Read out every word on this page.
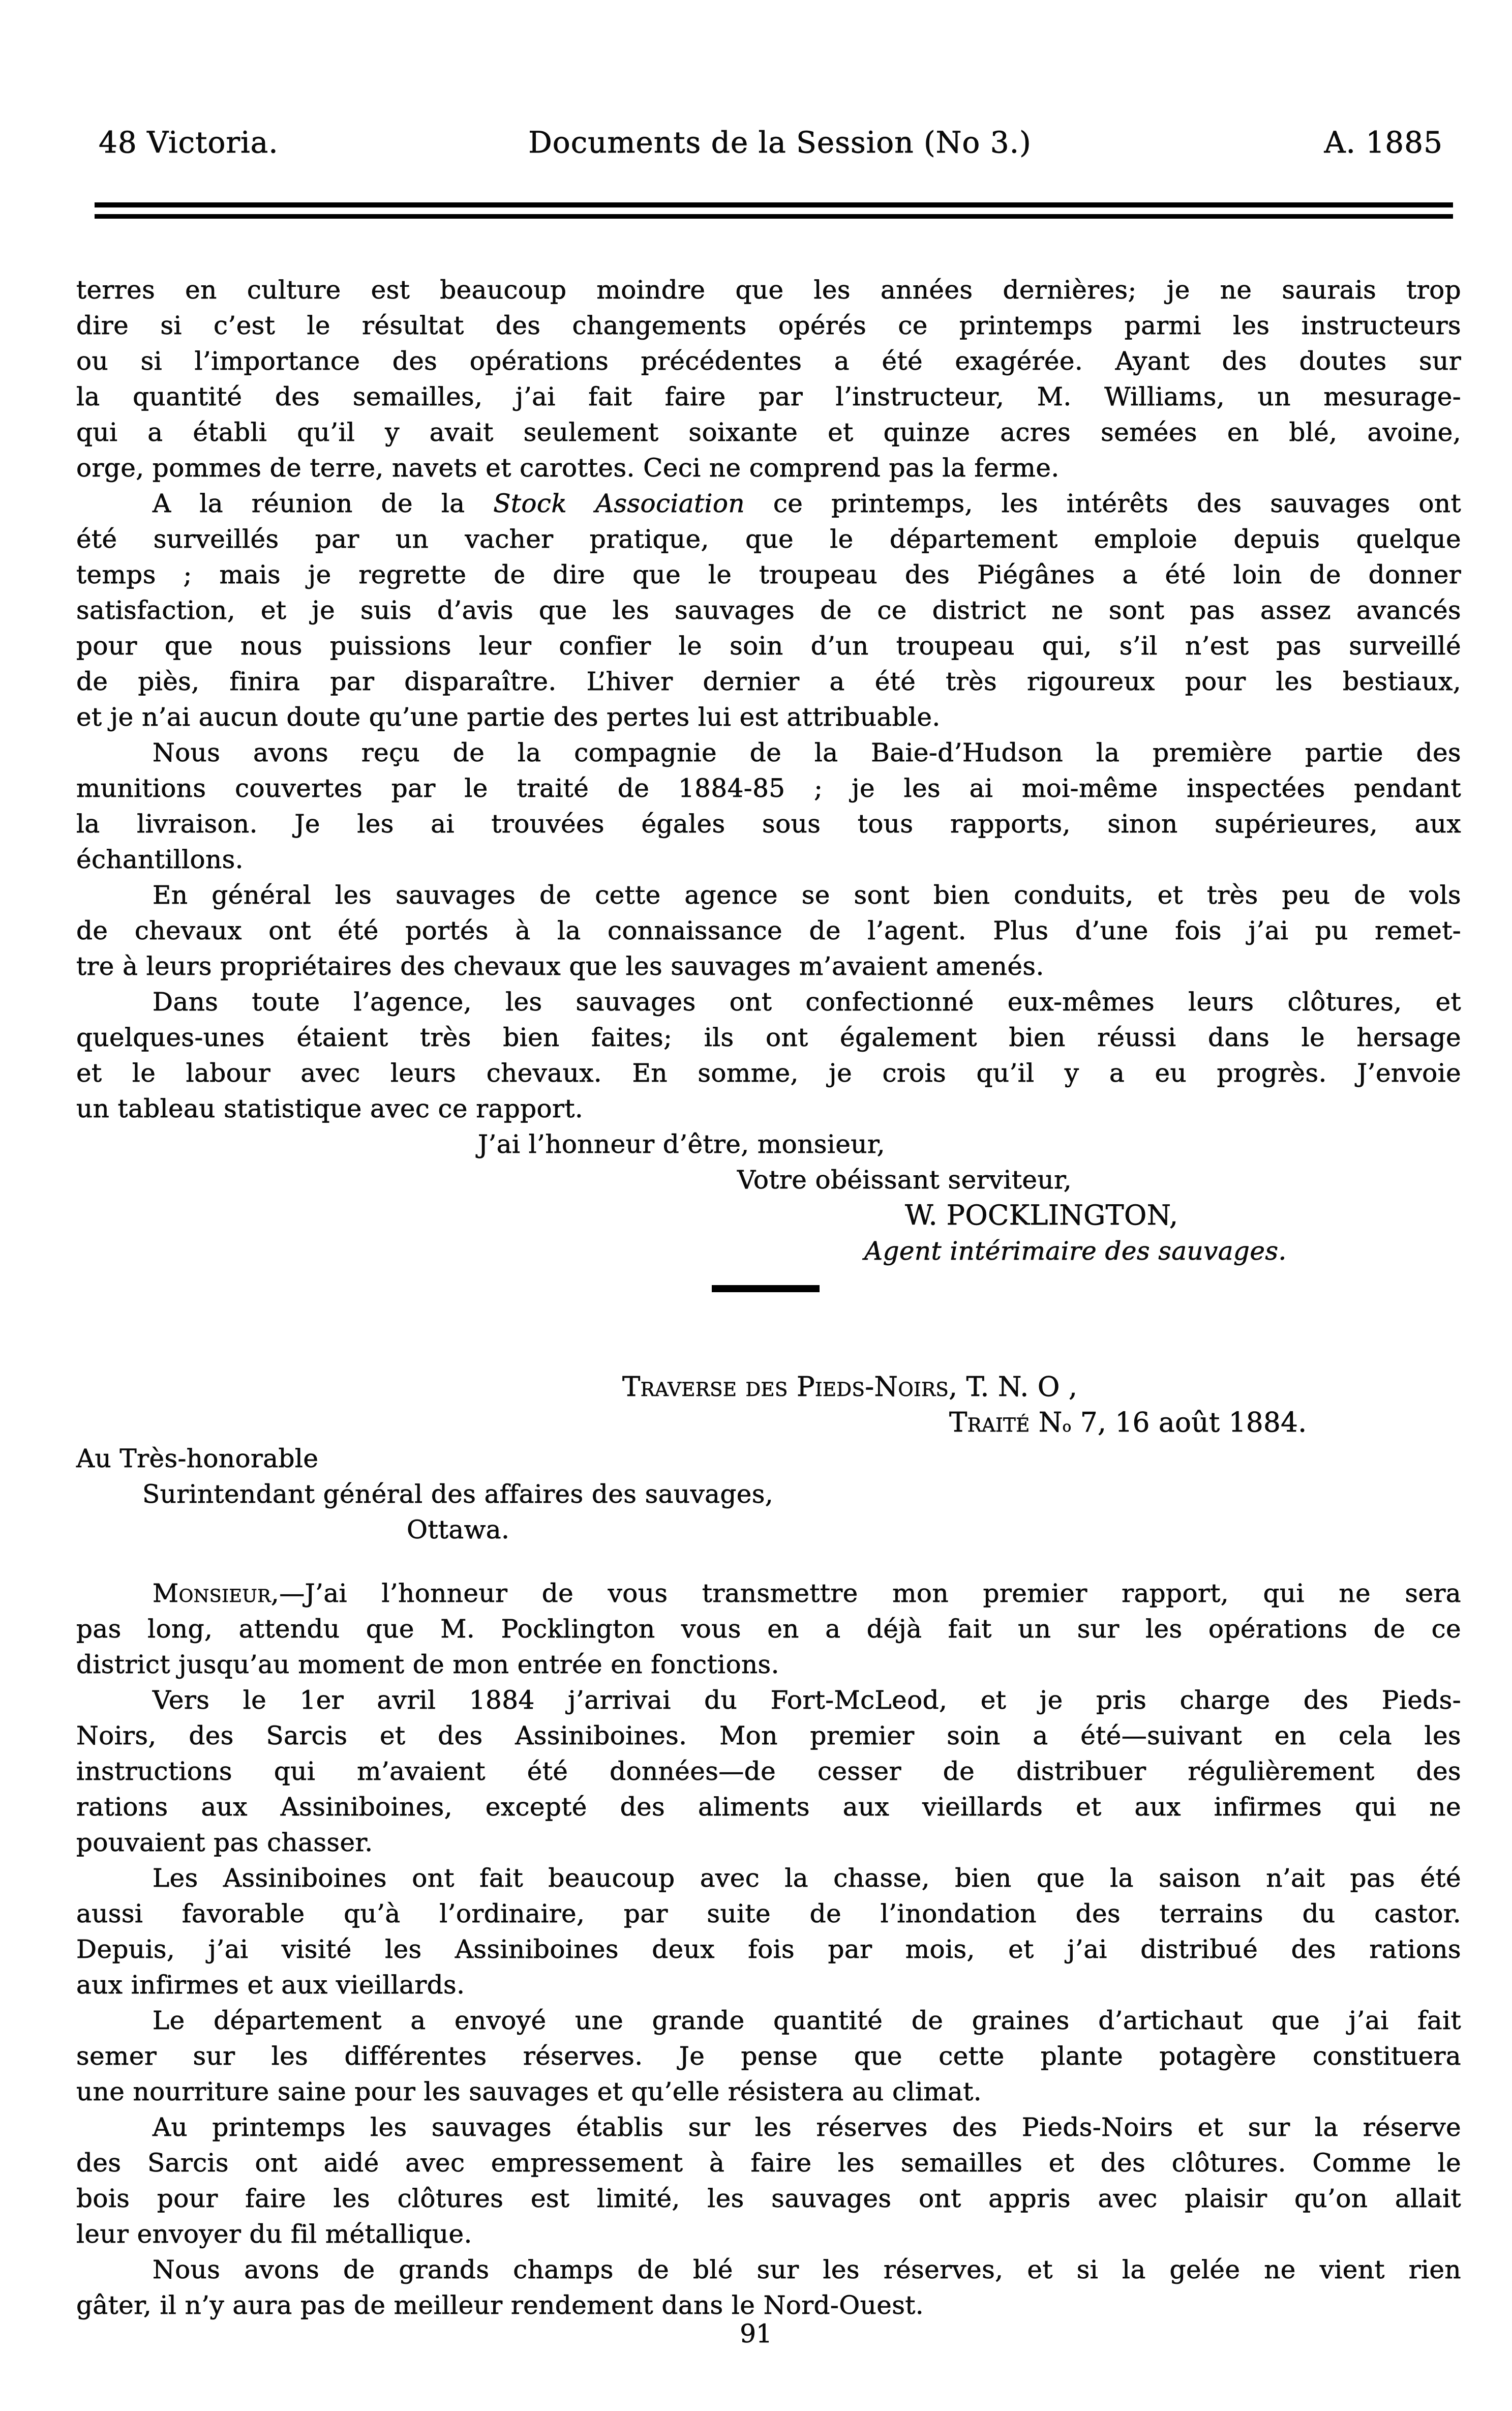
48 Victoria.	Documents de la Session (No 3.)	A. 1885
terres en culture est beaucoup moindre que les années dernières; je ne saurais trop
dire si c’est le résultat des changements opérés ce printemps parmi les instructeurs
ou si l’importance des opérations précédentes a été exagérée. Ayant des doutes sur
la quantité des semailles, j’ai fait faire par l’instructeur, M. Williams, un mesurage-
qui a établi qu’il y avait seulement soixante et quinze acres semées en blé, avoine,
orge, pommes de terre, navets et carottes. Ceci ne comprend pas la ferme.
A la réunion de la Stock Association ce printemps, les intérêts des sauvages ont
été surveillés par un vacher pratique, que le département emploie depuis quelque
temps ; mais je regrette de dire que le troupeau des Piégânes a été loin de donner
satisfaction, et je suis d’avis que les sauvages de ce district ne sont pas assez avancés
pour que nous puissions leur confier le soin d’un troupeau qui, s’il n’est pas surveillé
de piès, finira par disparaître. L’hiver dernier a été très rigoureux pour les bestiaux,
et je n’ai aucun doute qu’une partie des pertes lui est attribuable.
Nous avons reçu de la compagnie de la Baie-d’Hudson la première partie des
munitions couvertes par le traité de 1884-85 ; je les ai moi-même inspectées pendant
la livraison. Je les ai trouvées égales sous tous rapports, sinon supérieures, aux
échantillons.
En général les sauvages de cette agence se sont bien conduits, et très peu de vols
de chevaux ont été portés à la connaissance de l’agent. Plus d’une fois j’ai pu remet-
tre à leurs propriétaires des chevaux que les sauvages m’avaient amenés.
Dans toute l’agence, les sauvages ont confectionné eux-mêmes leurs clôtures, et
quelques-unes étaient très bien faites; ils ont également bien réussi dans le hersage
et le labour avec leurs chevaux. En somme, je crois qu’il y a eu progrès. J’envoie
un tableau statistique avec ce rapport.
J’ai l’honneur d’être, monsieur,
Votre obéissant serviteur,
W. POCKLINGTON,
Agent intérimaire des sauvages.
Traverse des Pieds-Noirs, T. N. O ,
Traité $N^o$ 7, 16 août 1884.
Au Très-honorable
Surintendant général des affaires des sauvages,
Ottawa.
Monsieur,—J’ai l’honneur de vous transmettre mon premier rapport, qui ne sera
pas long, attendu que M. Pocklington vous en a déjà fait un sur les opérations de ce
district jusqu’au moment de mon entrée en fonctions.
Vers le 1er avril 1884 j’arrivai du Fort-McLeod, et je pris charge des Pieds-
Noirs, des Sarcis et des Assiniboines. Mon premier soin a été—suivant en cela les
instructions qui m’avaient été données—de cesser de distribuer régulièrement des
rations aux Assiniboines, excepté des aliments aux vieillards et aux infirmes qui ne
pouvaient pas chasser.
Les Assiniboines ont fait beaucoup avec la chasse, bien que la saison n’ait pas été
aussi favorable qu’à l’ordinaire, par suite de l’inondation des terrains du castor.
Depuis, j’ai visité les Assiniboines deux fois par mois, et j’ai distribué des rations
aux infirmes et aux vieillards.
Le département a envoyé une grande quantité de graines d’artichaut que j’ai fait
semer sur les différentes réserves. Je pense que cette plante potagère constituera
une nourriture saine pour les sauvages et qu’elle résistera au climat.
Au printemps les sauvages établis sur les réserves des Pieds-Noirs et sur la réserve
des Sarcis ont aidé avec empressement à faire les semailles et des clôtures. Comme le
bois pour faire les clôtures est limité, les sauvages ont appris avec plaisir qu’on allait
leur envoyer du fil métallique.
Nous avons de grands champs de blé sur les réserves, et si la gelée ne vient rien
gâter, il n’y aura pas de meilleur rendement dans le Nord-Ouest.
91
